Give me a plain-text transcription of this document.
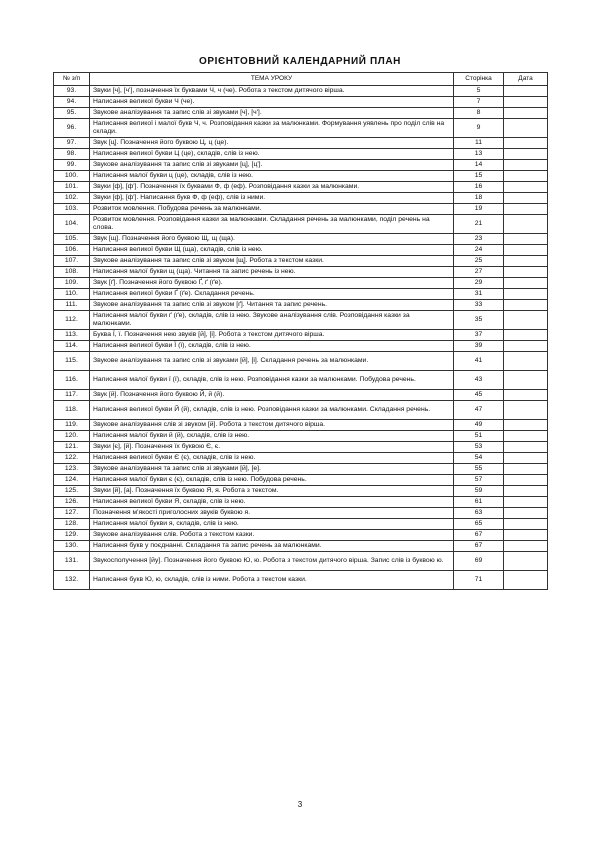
ОРІЄНТОВНИЙ КАЛЕНДАРНИЙ ПЛАН
№ з/п	ТЕМА УРОКУ	Сторінка	Дата
93.	Звуки [ч], [ч'], позначення їх буквами Ч, ч (че). Робота з текстом дитячого вірша.	5	
94.	Написання великої букви Ч (че).	7	
95.	Звукове аналізування та запис слів зі звуками [ч], [ч'].	8	
96.	Написання великої і малої букв Ч, ч. Розповідання казки за малюнками. Формування уявлень про поділ слів на склади.	9	
97.	Звук [ц]. Позначення його буквою Ц, ц (це).	11	
98.	Написання великої букви Ц (це), складів, слів із нею.	13	
99.	Звукове аналізування та запис слів зі звуками [ц], [ц'].	14	
100.	Написання малої букви ц (це), складів, слів із нею.	15	
101.	Звуки [ф], [ф']. Позначення їх буквами Ф, ф (еф). Розповідання казки за малюнками.	16	
102.	Звуки [ф], [ф']. Написання букв Ф, ф (еф), слів із ними.	18	
103.	Розвиток мовлення. Побудова речень за малюнками.	19	
104.	Розвиток мовлення. Розповідання казки за малюнками. Складання речень за малюнками, поділ речень на слова.	21	
105.	Звук [щ]. Позначення його буквою Щ, щ (ща).	23	
106.	Написання великої букви Щ (ща), складів, слів із нею.	24	
107.	Звукове аналізування та запис слів зі звуком [щ]. Робота з текстом казки.	25	
108.	Написання малої букви щ (ща). Читання та запис речень із нею.	27	
109.	Звук [ґ]. Позначення його буквою Ґ, ґ (ґе).	29	
110.	Написання великої букви Ґ (ґе). Складання речень.	31	
111.	Звукове аналізування та запис слів зі звуком [ґ]. Читання та запис речень.	33	
112.	Написання малої букви ґ (ґе), складів, слів із нею. Звукове аналізування слів. Розповідання казки за малюнками.	35	
113.	Буква Ї, ї. Позначення нею звуків [й], [і]. Робота з текстом дитячого вірша.	37	
114.	Написання великої букви Ї (ї), складів, слів із нею.	39	
115.	Звукове аналізування та запис слів зі звуками [й], [і]. Складання речень за малюнками.	41	
116.	Написання малої букви ї (ї), складів, слів із нею. Розповідання казки за малюнками. Побудова речень.	43	
117.	Звук [й]. Позначення його буквою Й, й (й).	45	
118.	Написання великої букви Й (й), складів, слів із нею. Розповідання казки за малюнками. Складання речень.	47	
119.	Звукове аналізування слів зі звуком [й]. Робота з текстом дитячого вірша.	49	
120.	Написання малої букви й (й), складів, слів із нею.	51	
121.	Звуки [є], [й]. Позначення їх буквою Є, є.	53	
122.	Написання великої букви Є (є), складів, слів із нею.	54	
123.	Звукове аналізування та запис слів зі звуками [й], [е].	55	
124.	Написання малої букви є (є), складів, слів із нею. Побудова речень.	57	
125.	Звуки [й], [а]. Позначення їх буквою Я, я. Робота з текстом.	59	
126.	Написання великої букви Я, складів, слів із нею.	61	
127.	Позначення м'якості приголосних звуків буквою я.	63	
128.	Написання малої букви я, складів, слів із нею.	65	
129.	Звукове аналізування слів. Робота з текстом казки.	67	
130.	Написання букв у поєднанні. Складання та запис речень за малюнками.	67	
131.	Звукосполучення [йу]. Позначення його буквою Ю, ю. Робота з текстом дитячого вірша. Запис слів із буквою ю.	69	
132.	Написання букв Ю, ю, складів, слів із ними. Робота з текстом казки.	71	
3
